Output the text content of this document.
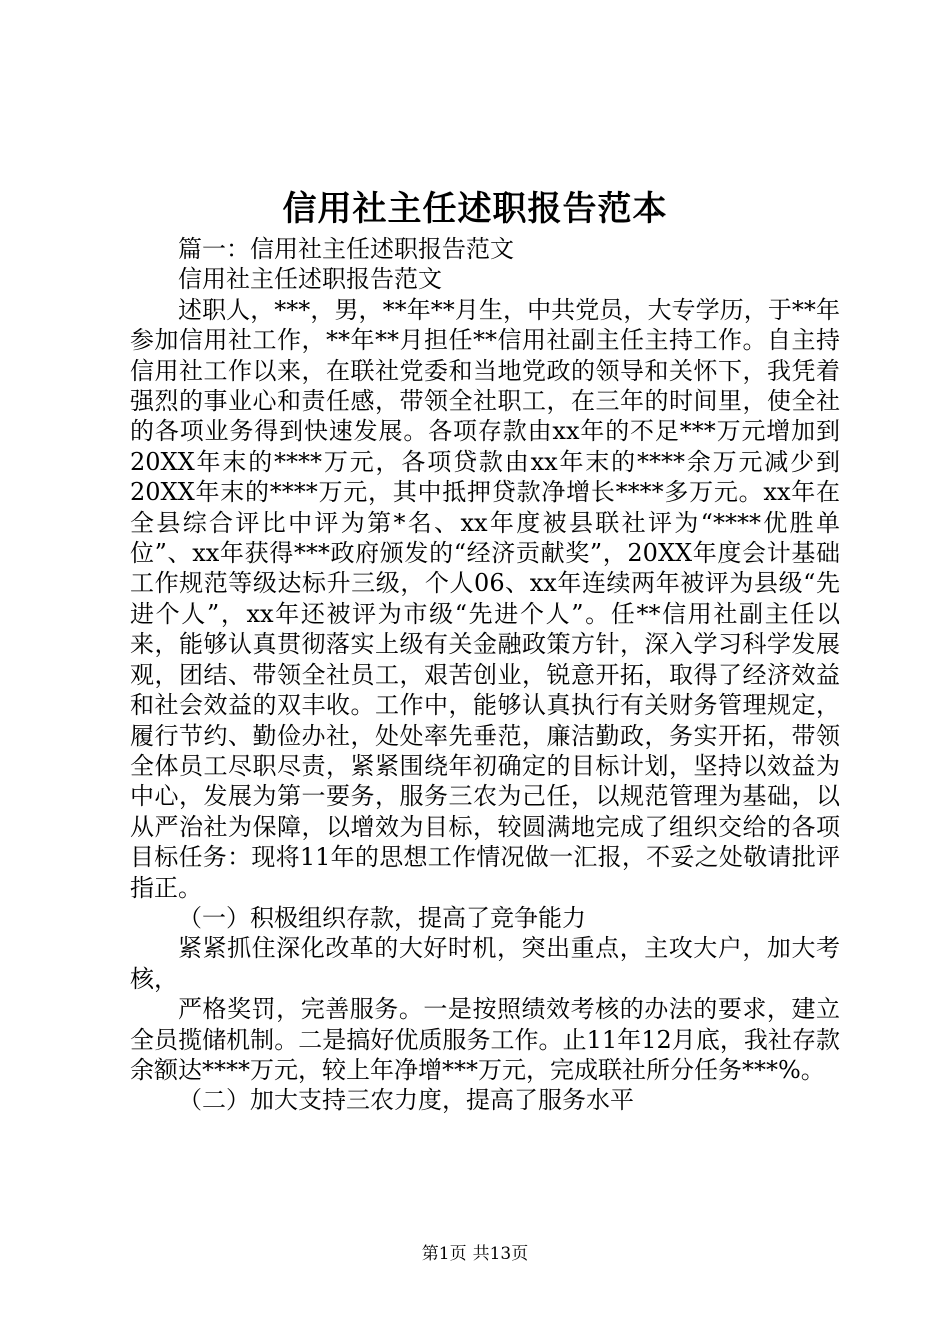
信用社主任述职报告范本

篇一：信用社主任述职报告范文

信用社主任述职报告范文

述职人，***，男，**年**月生，中共党员，大专学历，于**年参加信用社工作，**年**月担任**信用社副主任主持工作。自主持信用社工作以来，在联社党委和当地党政的领导和关怀下，我凭着强烈的事业心和责任感，带领全社职工，在三年的时间里，使全社的各项业务得到快速发展。各项存款由xx年的不足***万元增加到20XX年末的****万元，各项贷款由xx年末的****余万元减少到20XX年末的****万元，其中抵押贷款净增长****多万元。xx年在全县综合评比中评为第*名、xx年度被县联社评为“****优胜单位”、xx年获得***政府颁发的“经济贡献奖”，20XX年度会计基础工作规范等级达标升三级，个人06、xx年连续两年被评为县级“先进个人”，xx年还被评为市级“先进个人”。任**信用社副主任以来，能够认真贯彻落实上级有关金融政策方针，深入学习科学发展观，团结、带领全社员工，艰苦创业，锐意开拓，取得了经济效益和社会效益的双丰收。工作中，能够认真执行有关财务管理规定，履行节约、勤俭办社，处处率先垂范，廉洁勤政，务实开拓，带领全体员工尽职尽责，紧紧围绕年初确定的目标计划，坚持以效益为中心，发展为第一要务，服务三农为己任，以规范管理为基础，以从严治社为保障，以增效为目标，较圆满地完成了组织交给的各项目标任务：现将11年的思想工作情况做一汇报，不妥之处敬请批评指正。

（一）积极组织存款，提高了竞争能力

紧紧抓住深化改革的大好时机，突出重点，主攻大户，加大考核，

严格奖罚，完善服务。一是按照绩效考核的办法的要求，建立全员揽储机制。二是搞好优质服务工作。止11年12月底，我社存款余额达****万元，较上年净增***万元，完成联社所分任务***%。

（二）加大支持三农力度，提高了服务水平

第1页 共13页
